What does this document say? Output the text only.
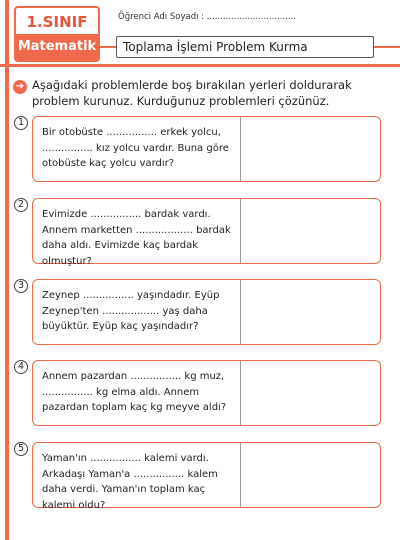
1.SINIF
Matematik
Öğrenci Adı Soyadı : .................................
Toplama İşlemi Problem Kurma
➔ Aşağıdaki problemlerde boş bırakılan yerleri doldurarak problem kurunuz. Kurduğunuz problemleri çözünüz.
1
Bir otobüste ................ erkek yolcu, ................ kız yolcu vardır. Buna göre otobüste kaç yolcu vardır?
2
Evimizde ................ bardak vardı. Annem marketten .................. bardak daha aldı. Evimizde kaç bardak olmuştur?
3
Zeynep ................ yaşındadır. Eyüp Zeynep'ten .................. yaş daha büyüktür. Eyüp kaç yaşındadır?
4
Annem pazardan ................ kg muz, ................ kg elma aldı. Annem pazardan toplam kaç kg meyve aldı?
5
Yaman'ın ................ kalemi vardı. Arkadaşı Yaman'a ................ kalem daha verdi. Yaman'ın toplam kaç kalemi oldu?
